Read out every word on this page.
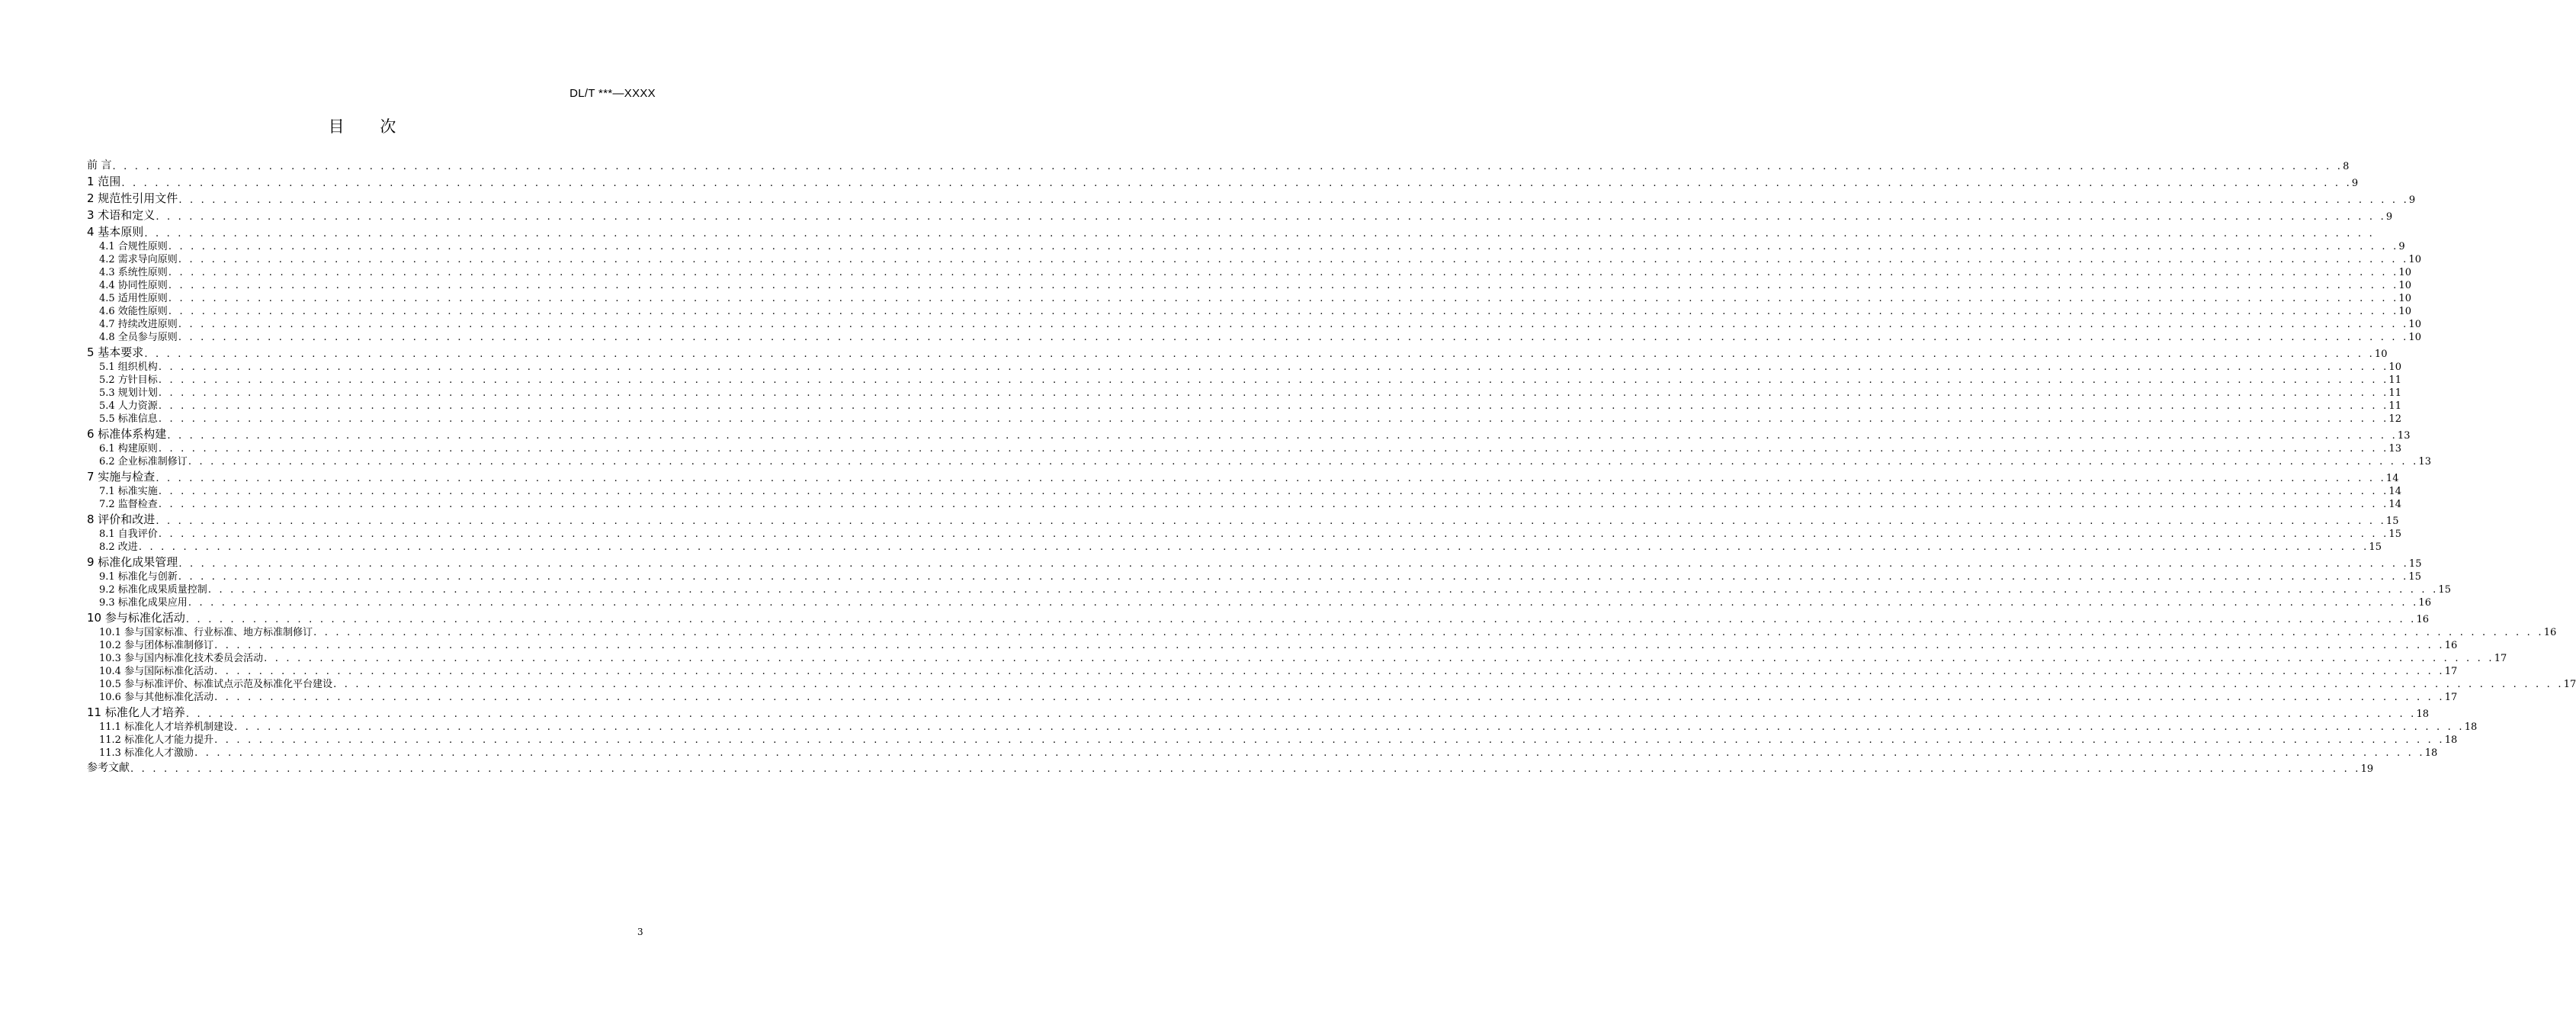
DL/T ***—XXXX
目 次
前 言 . . . . . . . . . . . . . . . . . . . . . . . . . . . . . . . . . . . . . . . . . . . . . . . . . . . . . . . . . . . . . . . . . . . . . . . . . . . . . . . . . . . . . . . . . . . . . . . . . . . . . . . . . . . . . . . . . . . . . . . . . . . . . . . . . . . . . . . . . . . . . . . . . . . . . . . . . . . . . . . . . . . . . . . . . . . . . . . . . . . . . . . . . . . . . . . . . . . . . . . . 8
1 范围 . . . . . . . . . . . . . . . . . . . . . . . . . . . . . . . . . . . . . . . . . . . . . . . . . . . . . . . . . . . . . . . . . . . . . . . . . . . . . . . . . . . . . . . . . . . . . . . . . . . . . . . . . . . . . . . . . . . . . . . . . . . . . . . . . . . . . . . . . . . . . . . . . . . . . . . . . . . . . . . . . . . . . . . . . . . . . . . . . . . . . . . . . . . . . . . . . . . . . . . . 9
2 规范性引用文件 . . . . . . . . . . . . . . . . . . . . . . . . . . . . . . . . . . . . . . . . . . . . . . . . . . . . . . . . . . . . . . . . . . . . . . . . . . . . . . . . . . . . . . . . . . . . . . . . . . . . . . . . . . . . . . . . . . . . . . . . . . . . . . . . . . . . . . . . . . . . . . . . . . . . . . . . . . . . . . . . . . . . . . . . . . . . . . . . . . . . . . . . . . . . . . . . . . . . . . . . 9
3 术语和定义 . . . . . . . . . . . . . . . . . . . . . . . . . . . . . . . . . . . . . . . . . . . . . . . . . . . . . . . . . . . . . . . . . . . . . . . . . . . . . . . . . . . . . . . . . . . . . . . . . . . . . . . . . . . . . . . . . . . . . . . . . . . . . . . . . . . . . . . . . . . . . . . . . . . . . . . . . . . . . . . . . . . . . . . . . . . . . . . . . . . . . . . . . . . . . . . . . . . . . . . . 9
4 基本原则 . . . . . . . . . . . . . . . . . . . . . . . . . . . . . . . . . . . . . . . . . . . . . . . . . . . . . . . . . . . . . . . . . . . . . . . . . . . . . . . . . . . . . . . . . . . . . . . . . . . . . . . . . . . . . . . . . . . . . . . . . . . . . . . . . . . . . . . . . . . . . . . . . . . . . . . . . . . . . . . . . . . . . . . . . . . . . . . . . . . . . . . . . . . . . . . . . . . . . . . .
4.1 合规性原则 . . . . . . . . . . . . . . . . . . . . . . . . . . . . . . . . . . . . . . . . . . . . . . . . . . . . . . . . . . . . . . . . . . . . . . . . . . . . . . . . . . . . . . . . . . . . . . . . . . . . . . . . . . . . . . . . . . . . . . . . . . . . . . . . . . . . . . . . . . . . . . . . . . . . . . . . . . . . . . . . . . . . . . . . . . . . . . . . . . . . . . . . . . . . . . . . . . . . . . . . 9
4.2 需求导向原则 . . . . . . . . . . . . . . . . . . . . . . . . . . . . . . . . . . . . . . . . . . . . . . . . . . . . . . . . . . . . . . . . . . . . . . . . . . . . . . . . . . . . . . . . . . . . . . . . . . . . . . . . . . . . . . . . . . . . . . . . . . . . . . . . . . . . . . . . . . . . . . . . . . . . . . . . . . . . . . . . . . . . . . . . . . . . . . . . . . . . . . . . . . . . . . . . . . . . . . . . 10
4.3 系统性原则 . . . . . . . . . . . . . . . . . . . . . . . . . . . . . . . . . . . . . . . . . . . . . . . . . . . . . . . . . . . . . . . . . . . . . . . . . . . . . . . . . . . . . . . . . . . . . . . . . . . . . . . . . . . . . . . . . . . . . . . . . . . . . . . . . . . . . . . . . . . . . . . . . . . . . . . . . . . . . . . . . . . . . . . . . . . . . . . . . . . . . . . . . . . . . . . . . . . . . . . . 10
4.4 协同性原则 . . . . . . . . . . . . . . . . . . . . . . . . . . . . . . . . . . . . . . . . . . . . . . . . . . . . . . . . . . . . . . . . . . . . . . . . . . . . . . . . . . . . . . . . . . . . . . . . . . . . . . . . . . . . . . . . . . . . . . . . . . . . . . . . . . . . . . . . . . . . . . . . . . . . . . . . . . . . . . . . . . . . . . . . . . . . . . . . . . . . . . . . . . . . . . . . . . . . . . . . 10
4.5 适用性原则 . . . . . . . . . . . . . . . . . . . . . . . . . . . . . . . . . . . . . . . . . . . . . . . . . . . . . . . . . . . . . . . . . . . . . . . . . . . . . . . . . . . . . . . . . . . . . . . . . . . . . . . . . . . . . . . . . . . . . . . . . . . . . . . . . . . . . . . . . . . . . . . . . . . . . . . . . . . . . . . . . . . . . . . . . . . . . . . . . . . . . . . . . . . . . . . . . . . . . . . . 10
4.6 效能性原则 . . . . . . . . . . . . . . . . . . . . . . . . . . . . . . . . . . . . . . . . . . . . . . . . . . . . . . . . . . . . . . . . . . . . . . . . . . . . . . . . . . . . . . . . . . . . . . . . . . . . . . . . . . . . . . . . . . . . . . . . . . . . . . . . . . . . . . . . . . . . . . . . . . . . . . . . . . . . . . . . . . . . . . . . . . . . . . . . . . . . . . . . . . . . . . . . . . . . . . . . 10
4.7 持续改进原则 . . . . . . . . . . . . . . . . . . . . . . . . . . . . . . . . . . . . . . . . . . . . . . . . . . . . . . . . . . . . . . . . . . . . . . . . . . . . . . . . . . . . . . . . . . . . . . . . . . . . . . . . . . . . . . . . . . . . . . . . . . . . . . . . . . . . . . . . . . . . . . . . . . . . . . . . . . . . . . . . . . . . . . . . . . . . . . . . . . . . . . . . . . . . . . . . . . . . . . . . 10
4.8 全员参与原则 . . . . . . . . . . . . . . . . . . . . . . . . . . . . . . . . . . . . . . . . . . . . . . . . . . . . . . . . . . . . . . . . . . . . . . . . . . . . . . . . . . . . . . . . . . . . . . . . . . . . . . . . . . . . . . . . . . . . . . . . . . . . . . . . . . . . . . . . . . . . . . . . . . . . . . . . . . . . . . . . . . . . . . . . . . . . . . . . . . . . . . . . . . . . . . . . . . . . . . . . 10
5 基本要求 . . . . . . . . . . . . . . . . . . . . . . . . . . . . . . . . . . . . . . . . . . . . . . . . . . . . . . . . . . . . . . . . . . . . . . . . . . . . . . . . . . . . . . . . . . . . . . . . . . . . . . . . . . . . . . . . . . . . . . . . . . . . . . . . . . . . . . . . . . . . . . . . . . . . . . . . . . . . . . . . . . . . . . . . . . . . . . . . . . . . . . . . . . . . . . . . . . . . . . . . 10
5.1 组织机构 . . . . . . . . . . . . . . . . . . . . . . . . . . . . . . . . . . . . . . . . . . . . . . . . . . . . . . . . . . . . . . . . . . . . . . . . . . . . . . . . . . . . . . . . . . . . . . . . . . . . . . . . . . . . . . . . . . . . . . . . . . . . . . . . . . . . . . . . . . . . . . . . . . . . . . . . . . . . . . . . . . . . . . . . . . . . . . . . . . . . . . . . . . . . . . . . . . . . . . . . 10
5.2 方针目标 . . . . . . . . . . . . . . . . . . . . . . . . . . . . . . . . . . . . . . . . . . . . . . . . . . . . . . . . . . . . . . . . . . . . . . . . . . . . . . . . . . . . . . . . . . . . . . . . . . . . . . . . . . . . . . . . . . . . . . . . . . . . . . . . . . . . . . . . . . . . . . . . . . . . . . . . . . . . . . . . . . . . . . . . . . . . . . . . . . . . . . . . . . . . . . . . . . . . . . . . 11
5.3 规划计划 . . . . . . . . . . . . . . . . . . . . . . . . . . . . . . . . . . . . . . . . . . . . . . . . . . . . . . . . . . . . . . . . . . . . . . . . . . . . . . . . . . . . . . . . . . . . . . . . . . . . . . . . . . . . . . . . . . . . . . . . . . . . . . . . . . . . . . . . . . . . . . . . . . . . . . . . . . . . . . . . . . . . . . . . . . . . . . . . . . . . . . . . . . . . . . . . . . . . . . . . 11
5.4 人力资源 . . . . . . . . . . . . . . . . . . . . . . . . . . . . . . . . . . . . . . . . . . . . . . . . . . . . . . . . . . . . . . . . . . . . . . . . . . . . . . . . . . . . . . . . . . . . . . . . . . . . . . . . . . . . . . . . . . . . . . . . . . . . . . . . . . . . . . . . . . . . . . . . . . . . . . . . . . . . . . . . . . . . . . . . . . . . . . . . . . . . . . . . . . . . . . . . . . . . . . . . 11
5.5 标准信息 . . . . . . . . . . . . . . . . . . . . . . . . . . . . . . . . . . . . . . . . . . . . . . . . . . . . . . . . . . . . . . . . . . . . . . . . . . . . . . . . . . . . . . . . . . . . . . . . . . . . . . . . . . . . . . . . . . . . . . . . . . . . . . . . . . . . . . . . . . . . . . . . . . . . . . . . . . . . . . . . . . . . . . . . . . . . . . . . . . . . . . . . . . . . . . . . . . . . . . . . 12
6 标准体系构建 . . . . . . . . . . . . . . . . . . . . . . . . . . . . . . . . . . . . . . . . . . . . . . . . . . . . . . . . . . . . . . . . . . . . . . . . . . . . . . . . . . . . . . . . . . . . . . . . . . . . . . . . . . . . . . . . . . . . . . . . . . . . . . . . . . . . . . . . . . . . . . . . . . . . . . . . . . . . . . . . . . . . . . . . . . . . . . . . . . . . . . . . . . . . . . . . . . . . . . . . 13
6.1 构建原则 . . . . . . . . . . . . . . . . . . . . . . . . . . . . . . . . . . . . . . . . . . . . . . . . . . . . . . . . . . . . . . . . . . . . . . . . . . . . . . . . . . . . . . . . . . . . . . . . . . . . . . . . . . . . . . . . . . . . . . . . . . . . . . . . . . . . . . . . . . . . . . . . . . . . . . . . . . . . . . . . . . . . . . . . . . . . . . . . . . . . . . . . . . . . . . . . . . . . . . . . 13
6.2 企业标准制修订 . . . . . . . . . . . . . . . . . . . . . . . . . . . . . . . . . . . . . . . . . . . . . . . . . . . . . . . . . . . . . . . . . . . . . . . . . . . . . . . . . . . . . . . . . . . . . . . . . . . . . . . . . . . . . . . . . . . . . . . . . . . . . . . . . . . . . . . . . . . . . . . . . . . . . . . . . . . . . . . . . . . . . . . . . . . . . . . . . . . . . . . . . . . . . . . . . . . . . . . . 13
7 实施与检查 . . . . . . . . . . . . . . . . . . . . . . . . . . . . . . . . . . . . . . . . . . . . . . . . . . . . . . . . . . . . . . . . . . . . . . . . . . . . . . . . . . . . . . . . . . . . . . . . . . . . . . . . . . . . . . . . . . . . . . . . . . . . . . . . . . . . . . . . . . . . . . . . . . . . . . . . . . . . . . . . . . . . . . . . . . . . . . . . . . . . . . . . . . . . . . . . . . . . . . . . 14
7.1 标准实施 . . . . . . . . . . . . . . . . . . . . . . . . . . . . . . . . . . . . . . . . . . . . . . . . . . . . . . . . . . . . . . . . . . . . . . . . . . . . . . . . . . . . . . . . . . . . . . . . . . . . . . . . . . . . . . . . . . . . . . . . . . . . . . . . . . . . . . . . . . . . . . . . . . . . . . . . . . . . . . . . . . . . . . . . . . . . . . . . . . . . . . . . . . . . . . . . . . . . . . . . 14
7.2 监督检查 . . . . . . . . . . . . . . . . . . . . . . . . . . . . . . . . . . . . . . . . . . . . . . . . . . . . . . . . . . . . . . . . . . . . . . . . . . . . . . . . . . . . . . . . . . . . . . . . . . . . . . . . . . . . . . . . . . . . . . . . . . . . . . . . . . . . . . . . . . . . . . . . . . . . . . . . . . . . . . . . . . . . . . . . . . . . . . . . . . . . . . . . . . . . . . . . . . . . . . . . 14
8 评价和改进 . . . . . . . . . . . . . . . . . . . . . . . . . . . . . . . . . . . . . . . . . . . . . . . . . . . . . . . . . . . . . . . . . . . . . . . . . . . . . . . . . . . . . . . . . . . . . . . . . . . . . . . . . . . . . . . . . . . . . . . . . . . . . . . . . . . . . . . . . . . . . . . . . . . . . . . . . . . . . . . . . . . . . . . . . . . . . . . . . . . . . . . . . . . . . . . . . . . . . . . . 15
8.1 自我评价 . . . . . . . . . . . . . . . . . . . . . . . . . . . . . . . . . . . . . . . . . . . . . . . . . . . . . . . . . . . . . . . . . . . . . . . . . . . . . . . . . . . . . . . . . . . . . . . . . . . . . . . . . . . . . . . . . . . . . . . . . . . . . . . . . . . . . . . . . . . . . . . . . . . . . . . . . . . . . . . . . . . . . . . . . . . . . . . . . . . . . . . . . . . . . . . . . . . . . . . . 15
8.2 改进 . . . . . . . . . . . . . . . . . . . . . . . . . . . . . . . . . . . . . . . . . . . . . . . . . . . . . . . . . . . . . . . . . . . . . . . . . . . . . . . . . . . . . . . . . . . . . . . . . . . . . . . . . . . . . . . . . . . . . . . . . . . . . . . . . . . . . . . . . . . . . . . . . . . . . . . . . . . . . . . . . . . . . . . . . . . . . . . . . . . . . . . . . . . . . . . . . . . . . . . . 15
9 标准化成果管理 . . . . . . . . . . . . . . . . . . . . . . . . . . . . . . . . . . . . . . . . . . . . . . . . . . . . . . . . . . . . . . . . . . . . . . . . . . . . . . . . . . . . . . . . . . . . . . . . . . . . . . . . . . . . . . . . . . . . . . . . . . . . . . . . . . . . . . . . . . . . . . . . . . . . . . . . . . . . . . . . . . . . . . . . . . . . . . . . . . . . . . . . . . . . . . . . . . . . . . . . 15
9.1 标准化与创新 . . . . . . . . . . . . . . . . . . . . . . . . . . . . . . . . . . . . . . . . . . . . . . . . . . . . . . . . . . . . . . . . . . . . . . . . . . . . . . . . . . . . . . . . . . . . . . . . . . . . . . . . . . . . . . . . . . . . . . . . . . . . . . . . . . . . . . . . . . . . . . . . . . . . . . . . . . . . . . . . . . . . . . . . . . . . . . . . . . . . . . . . . . . . . . . . . . . . . . . . 15
9.2 标准化成果质量控制 . . . . . . . . . . . . . . . . . . . . . . . . . . . . . . . . . . . . . . . . . . . . . . . . . . . . . . . . . . . . . . . . . . . . . . . . . . . . . . . . . . . . . . . . . . . . . . . . . . . . . . . . . . . . . . . . . . . . . . . . . . . . . . . . . . . . . . . . . . . . . . . . . . . . . . . . . . . . . . . . . . . . . . . . . . . . . . . . . . . . . . . . . . . . . . . . . . . . . . . . 15
9.3 标准化成果应用 . . . . . . . . . . . . . . . . . . . . . . . . . . . . . . . . . . . . . . . . . . . . . . . . . . . . . . . . . . . . . . . . . . . . . . . . . . . . . . . . . . . . . . . . . . . . . . . . . . . . . . . . . . . . . . . . . . . . . . . . . . . . . . . . . . . . . . . . . . . . . . . . . . . . . . . . . . . . . . . . . . . . . . . . . . . . . . . . . . . . . . . . . . . . . . . . . . . . . . . . 16
10 参与标准化活动 . . . . . . . . . . . . . . . . . . . . . . . . . . . . . . . . . . . . . . . . . . . . . . . . . . . . . . . . . . . . . . . . . . . . . . . . . . . . . . . . . . . . . . . . . . . . . . . . . . . . . . . . . . . . . . . . . . . . . . . . . . . . . . . . . . . . . . . . . . . . . . . . . . . . . . . . . . . . . . . . . . . . . . . . . . . . . . . . . . . . . . . . . . . . . . . . . . . . . . . . 16
10.1 参与国家标准、行业标准、地方标准制修订 . . . . . . . . . . . . . . . . . . . . . . . . . . . . . . . . . . . . . . . . . . . . . . . . . . . . . . . . . . . . . . . . . . . . . . . . . . . . . . . . . . . . . . . . . . . . . . . . . . . . . . . . . . . . . . . . . . . . . . . . . . . . . . . . . . . . . . . . . . . . . . . . . . . . . . . . . . . . . . . . . . . . . . . . . . . . . . . . . . . . . . . . . . . . . . . . . . . . . . . . 16
10.2 参与团体标准制修订 . . . . . . . . . . . . . . . . . . . . . . . . . . . . . . . . . . . . . . . . . . . . . . . . . . . . . . . . . . . . . . . . . . . . . . . . . . . . . . . . . . . . . . . . . . . . . . . . . . . . . . . . . . . . . . . . . . . . . . . . . . . . . . . . . . . . . . . . . . . . . . . . . . . . . . . . . . . . . . . . . . . . . . . . . . . . . . . . . . . . . . . . . . . . . . . . . . . . . . . . 16
10.3 参与国内标准化技术委员会活动 . . . . . . . . . . . . . . . . . . . . . . . . . . . . . . . . . . . . . . . . . . . . . . . . . . . . . . . . . . . . . . . . . . . . . . . . . . . . . . . . . . . . . . . . . . . . . . . . . . . . . . . . . . . . . . . . . . . . . . . . . . . . . . . . . . . . . . . . . . . . . . . . . . . . . . . . . . . . . . . . . . . . . . . . . . . . . . . . . . . . . . . . . . . . . . . . . . . . . . . . 17
10.4 参与国际标准化活动 . . . . . . . . . . . . . . . . . . . . . . . . . . . . . . . . . . . . . . . . . . . . . . . . . . . . . . . . . . . . . . . . . . . . . . . . . . . . . . . . . . . . . . . . . . . . . . . . . . . . . . . . . . . . . . . . . . . . . . . . . . . . . . . . . . . . . . . . . . . . . . . . . . . . . . . . . . . . . . . . . . . . . . . . . . . . . . . . . . . . . . . . . . . . . . . . . . . . . . . . 17
10.5 参与标准评价、标准试点示范及标准化平台建设 . . . . . . . . . . . . . . . . . . . . . . . . . . . . . . . . . . . . . . . . . . . . . . . . . . . . . . . . . . . . . . . . . . . . . . . . . . . . . . . . . . . . . . . . . . . . . . . . . . . . . . . . . . . . . . . . . . . . . . . . . . . . . . . . . . . . . . . . . . . . . . . . . . . . . . . . . . . . . . . . . . . . . . . . . . . . . . . . . . . . . . . . . . . . . . . . . . . . . . . . 17
10.6 参与其他标准化活动 . . . . . . . . . . . . . . . . . . . . . . . . . . . . . . . . . . . . . . . . . . . . . . . . . . . . . . . . . . . . . . . . . . . . . . . . . . . . . . . . . . . . . . . . . . . . . . . . . . . . . . . . . . . . . . . . . . . . . . . . . . . . . . . . . . . . . . . . . . . . . . . . . . . . . . . . . . . . . . . . . . . . . . . . . . . . . . . . . . . . . . . . . . . . . . . . . . . . . . . . 17
11 标准化人才培养 . . . . . . . . . . . . . . . . . . . . . . . . . . . . . . . . . . . . . . . . . . . . . . . . . . . . . . . . . . . . . . . . . . . . . . . . . . . . . . . . . . . . . . . . . . . . . . . . . . . . . . . . . . . . . . . . . . . . . . . . . . . . . . . . . . . . . . . . . . . . . . . . . . . . . . . . . . . . . . . . . . . . . . . . . . . . . . . . . . . . . . . . . . . . . . . . . . . . . . . . 18
11.1 标准化人才培养机制建设 . . . . . . . . . . . . . . . . . . . . . . . . . . . . . . . . . . . . . . . . . . . . . . . . . . . . . . . . . . . . . . . . . . . . . . . . . . . . . . . . . . . . . . . . . . . . . . . . . . . . . . . . . . . . . . . . . . . . . . . . . . . . . . . . . . . . . . . . . . . . . . . . . . . . . . . . . . . . . . . . . . . . . . . . . . . . . . . . . . . . . . . . . . . . . . . . . . . . . . . . 18
11.2 标准化人才能力提升 . . . . . . . . . . . . . . . . . . . . . . . . . . . . . . . . . . . . . . . . . . . . . . . . . . . . . . . . . . . . . . . . . . . . . . . . . . . . . . . . . . . . . . . . . . . . . . . . . . . . . . . . . . . . . . . . . . . . . . . . . . . . . . . . . . . . . . . . . . . . . . . . . . . . . . . . . . . . . . . . . . . . . . . . . . . . . . . . . . . . . . . . . . . . . . . . . . . . . . . . 18
11.3 标准化人才激励 . . . . . . . . . . . . . . . . . . . . . . . . . . . . . . . . . . . . . . . . . . . . . . . . . . . . . . . . . . . . . . . . . . . . . . . . . . . . . . . . . . . . . . . . . . . . . . . . . . . . . . . . . . . . . . . . . . . . . . . . . . . . . . . . . . . . . . . . . . . . . . . . . . . . . . . . . . . . . . . . . . . . . . . . . . . . . . . . . . . . . . . . . . . . . . . . . . . . . . . . 18
参考文献 . . . . . . . . . . . . . . . . . . . . . . . . . . . . . . . . . . . . . . . . . . . . . . . . . . . . . . . . . . . . . . . . . . . . . . . . . . . . . . . . . . . . . . . . . . . . . . . . . . . . . . . . . . . . . . . . . . . . . . . . . . . . . . . . . . . . . . . . . . . . . . . . . . . . . . . . . . . . . . . . . . . . . . . . . . . . . . . . . . . . . . . . . . . . . . . . . . . . . . . . 19
3
